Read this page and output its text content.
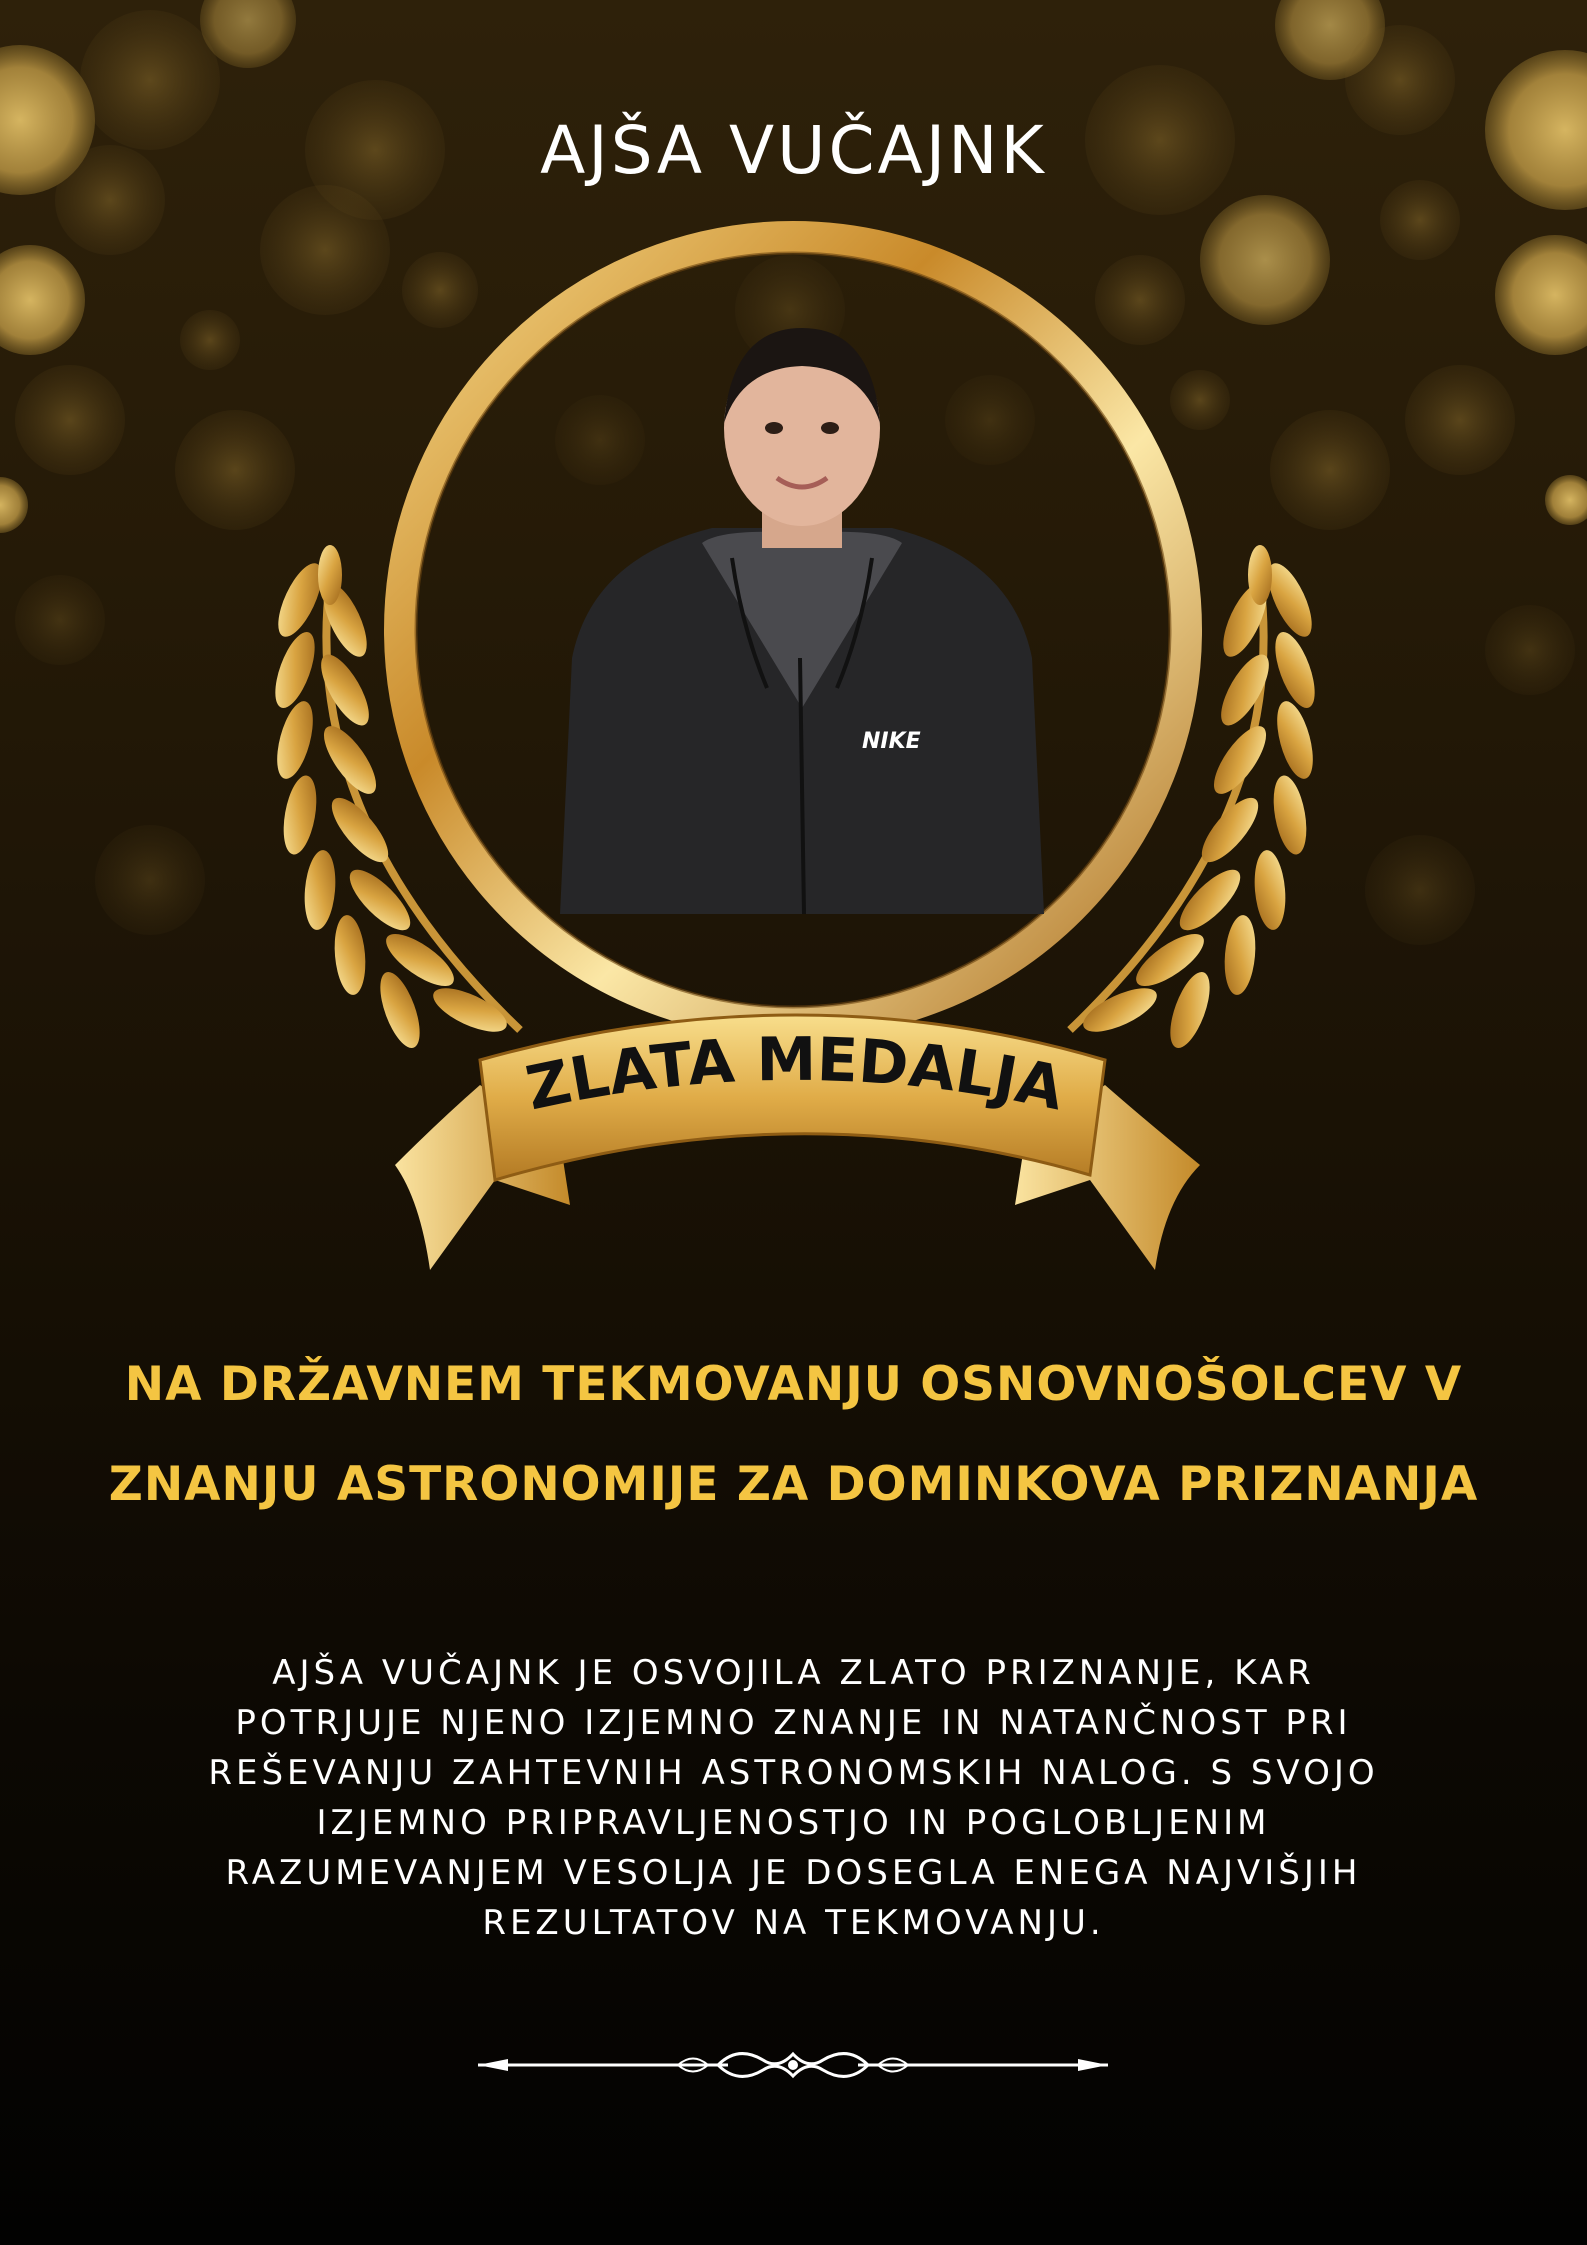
AJŠA VUČAJNK
NIKE
ZLATA MEDALJA
NA DRŽAVNEM TEKMOVANJU OSNOVNOŠOLCEV V
ZNANJU ASTRONOMIJE ZA DOMINKOVA PRIZNANJA
AJŠA VUČAJNK JE OSVOJILA ZLATO PRIZNANJE, KAR
POTRJUJE NJENO IZJEMNO ZNANJE IN NATANČNOST PRI
REŠEVANJU ZAHTEVNIH ASTRONOMSKIH NALOG. S SVOJO
IZJEMNO PRIPRAVLJENOSTJO IN POGLOBLJENIM
RAZUMEVANJEM VESOLJA JE DOSEGLA ENEGA NAJVIŠJIH
REZULTATOV NA TEKMOVANJU.
